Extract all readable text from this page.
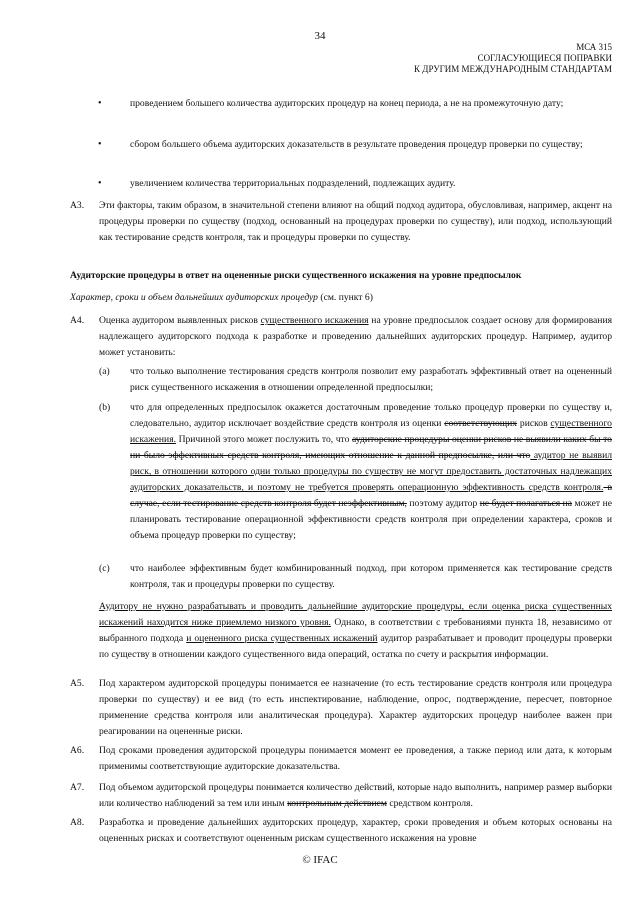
34
МСА 315
СОГЛАСУЮЩИЕСЯ ПОПРАВКИ
К ДРУГИМ МЕЖДУНАРОДНЫМ СТАНДАРТАМ
•	проведением большего количества аудиторских процедур на конец периода, а не на промежуточную дату;
•	сбором большего объема аудиторских доказательств в результате проведения процедур проверки по существу;
•	увеличением количества территориальных подразделений, подлежащих аудиту.
А3. Эти факторы, таким образом, в значительной степени влияют на общий подход аудитора, обусловливая, например, акцент на процедуры проверки по существу (подход, основанный на процедурах проверки по существу), или подход, использующий как тестирование средств контроля, так и процедуры проверки по существу.
Аудиторские процедуры в ответ на оцененные риски существенного искажения на уровне предпосылок
Характер, сроки и объем дальнейших аудиторских процедур (см. пункт 6)
А4. Оценка аудитором выявленных рисков существенного искажения на уровне предпосылок создает основу для формирования надлежащего аудиторского подхода к разработке и проведению дальнейших аудиторских процедур. Например, аудитор может установить:
(a) что только выполнение тестирования средств контроля позволит ему разработать эффективный ответ на оцененный риск существенного искажения в отношении определенной предпосылки;
(b) что для определенных предпосылок окажется достаточным проведение только процедур проверки по существу и, следовательно, аудитор исключает воздействие средств контроля из оценки соответствующих рисков существенного искажения. Причиной этого может послужить то, что аудиторские процедуры оценки рисков не выявили каких бы то ни было эффективных средств контроля, имеющих отношение к данной предпосылке, или что аудитор не выявил риск, в отношении которого одни только процедуры по существу не могут предоставить достаточных надлежащих аудиторских доказательств, и поэтому не требуется проверять операционную эффективность средств контроля. в случае, если тестирование средств контроля будет неэффективным, поэтому аудитор не будет полагаться на может не планировать тестирование операционной эффективности средств контроля при определении характера, сроков и объема процедур проверки по существу;
(c) что наиболее эффективным будет комбинированный подход, при котором применяется как тестирование средств контроля, так и процедуры проверки по существу.
Аудитору не нужно разрабатывать и проводить дальнейшие аудиторские процедуры, если оценка риска существенных искажений находится ниже приемлемо низкого уровня. Однако, в соответствии с требованиями пункта 18, независимо от выбранного подхода и оцененного риска существенных искажений аудитор разрабатывает и проводит процедуры проверки по существу в отношении каждого существенного вида операций, остатка по счету и раскрытия информации.
А5. Под характером аудиторской процедуры понимается ее назначение (то есть тестирование средств контроля или процедура проверки по существу) и ее вид (то есть инспектирование, наблюдение, опрос, подтверждение, пересчет, повторное применение средства контроля или аналитическая процедура). Характер аудиторских процедур наиболее важен при реагировании на оцененные риски.
А6. Под сроками проведения аудиторской процедуры понимается момент ее проведения, а также период или дата, к которым применимы соответствующие аудиторские доказательства.
А7. Под объемом аудиторской процедуры понимается количество действий, которые надо выполнить, например размер выборки или количество наблюдений за тем или иным контрольным действием средством контроля.
А8. Разработка и проведение дальнейших аудиторских процедур, характер, сроки проведения и объем которых основаны на оцененных рисках и соответствуют оцененным рискам существенного искажения на уровне
© IFAC
